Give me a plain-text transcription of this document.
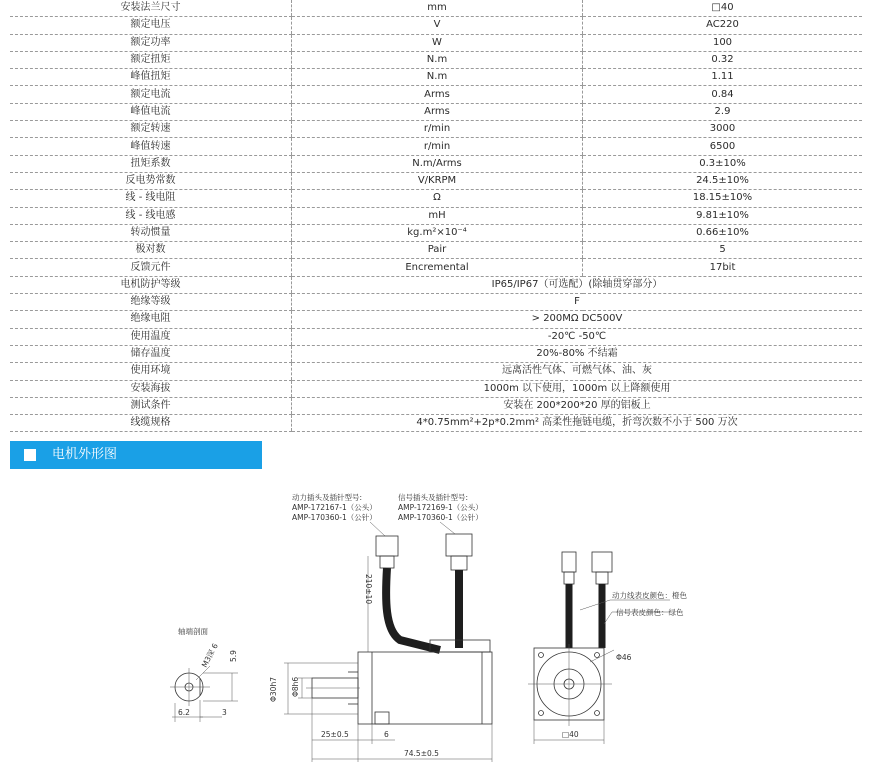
安装法兰尺寸	mm	□40
额定电压	V	AC220
额定功率	W	100
额定扭矩	N.m	0.32
峰值扭矩	N.m	1.11
额定电流	Arms	0.84
峰值电流	Arms	2.9
额定转速	r/min	3000
峰值转速	r/min	6500
扭矩系数	N.m/Arms	0.3±10%
反电势常数	V/KRPM	24.5±10%
线 - 线电阻	Ω	18.15±10%
线 - 线电感	mH	9.81±10%
转动惯量	kg.m²×10⁻⁴	0.66±10%
极对数	Pair	5
反馈元件	Encremental	17bit
电机防护等级	IP65/IP67（可选配）(除轴贯穿部分）	
绝缘等级	F	
绝缘电阻	> 200MΩ DC500V	
使用温度	-20℃ -50℃	
储存温度	20%-80% 不结霜	
使用环境	远离活性气体、可燃气体、油、灰	
安装海拔	1000m 以下使用，1000m 以上降额使用	
测试条件	安装在 200*200*20 厚的铝板上	
线缆规格	4*0.75mm²+2p*0.2mm² 高柔性拖链电缆，折弯次数不小于 500 万次	
电机外形图
轴端剖面
M3深 6 5.9
6.2	3
动力插头及插针型号:
AMP-172167-1（公头）
AMP-170360-1（公针）
信号插头及插针型号:
AMP-172169-1（公头）
AMP-170360-1（公针）
210±10
Φ30h7 Φ8h6
25±0.5	6
74.5±0.5
Φ46
□40
动力线表皮颜色：橙色
信号表皮颜色：绿色
